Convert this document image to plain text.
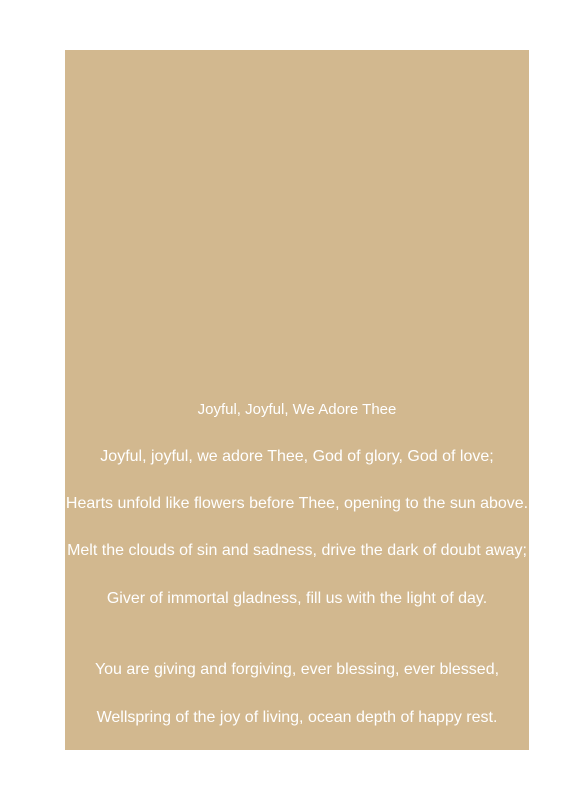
Joyful, Joyful, We Adore Thee
Joyful, joyful, we adore Thee, God of glory, God of love;
Hearts unfold like flowers before Thee, opening to the sun above.
Melt the clouds of sin and sadness, drive the dark of doubt away;
Giver of immortal gladness, fill us with the light of day.
You are giving and forgiving, ever blessing, ever blessed,
Wellspring of the joy of living, ocean depth of happy rest.
